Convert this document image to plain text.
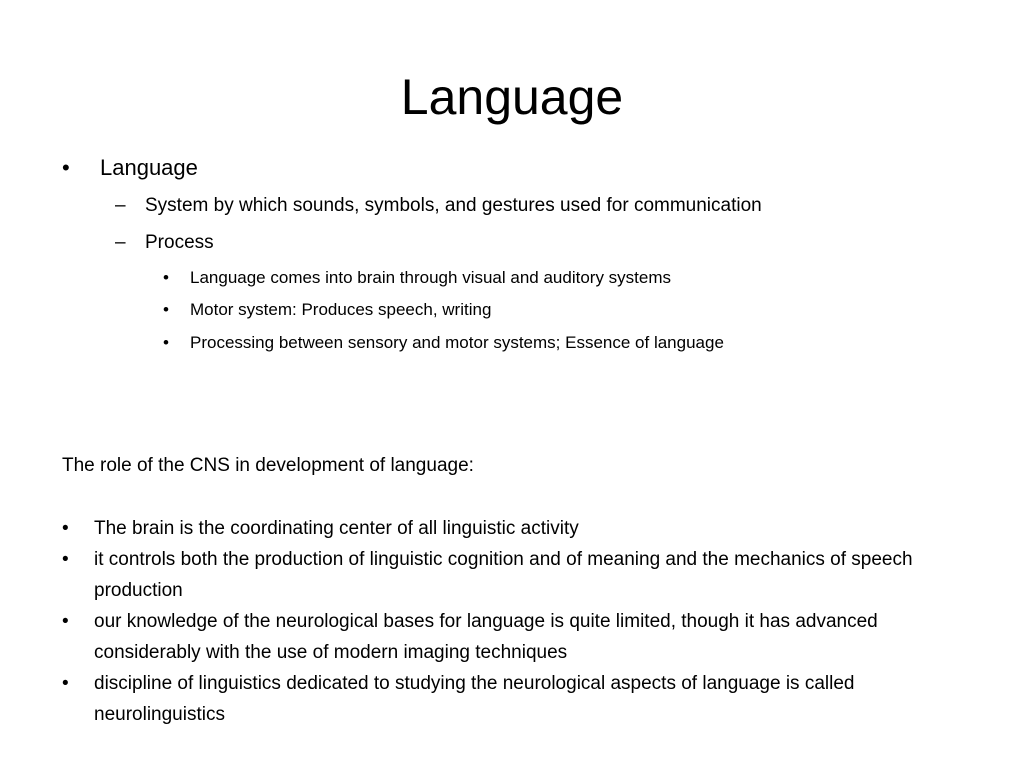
Language
• Language
– System by which sounds, symbols, and gestures used for communication
– Process
• Language comes into brain through visual and auditory systems
• Motor system: Produces speech, writing
• Processing between sensory and motor systems; Essence of language
The role of the CNS in development of language:
• The brain is the coordinating center of all linguistic activity
• it controls both the production of linguistic cognition and of meaning and the mechanics of speech production
• our knowledge of the neurological bases for language is quite limited, though it has advanced considerably with the use of modern imaging techniques
• discipline of linguistics dedicated to studying the neurological aspects of language is called neurolinguistics
